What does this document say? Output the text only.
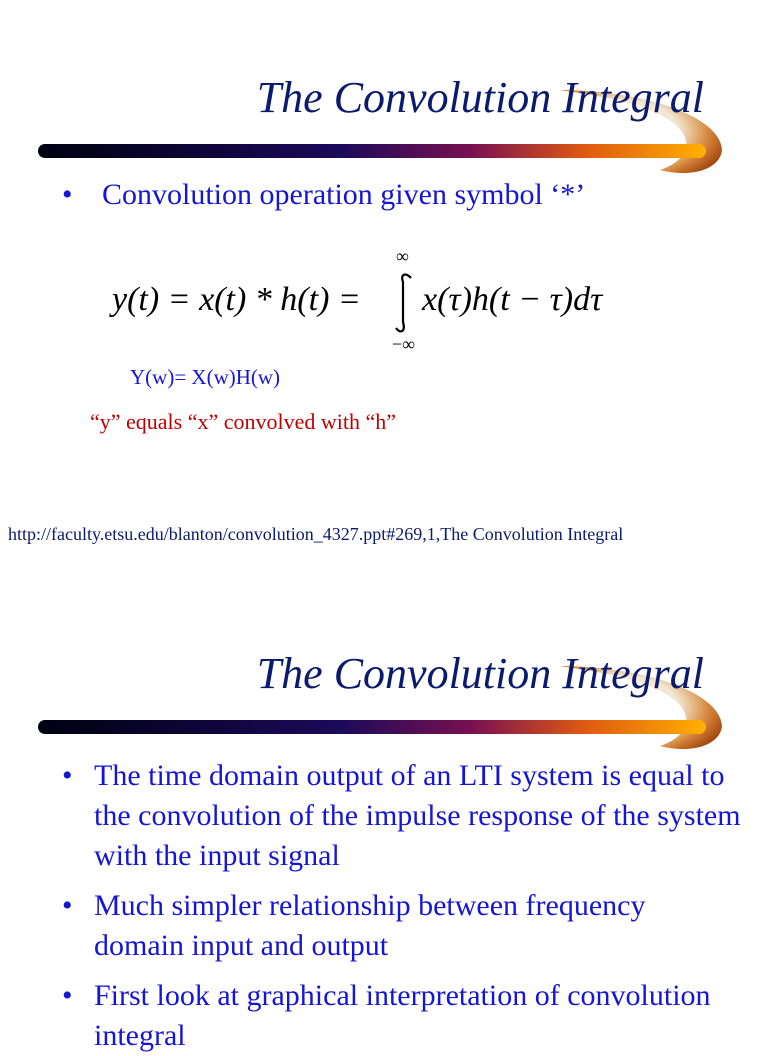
The Convolution Integral
• Convolution operation given symbol ‘*’
y(t) = x(t) * h(t) =
∞
−∞
x(τ)h(t − τ)dτ
Y(w)= X(w)H(w)
“y” equals “x” convolved with “h”
http://faculty.etsu.edu/blanton/convolution_4327.ppt#269,1,The Convolution Integral
The Convolution Integral
• The time domain output of an LTI system is equal to the convolution of the impulse response of the system with the input signal
• Much simpler relationship between frequency domain input and output
• First look at graphical interpretation of convolution integral
